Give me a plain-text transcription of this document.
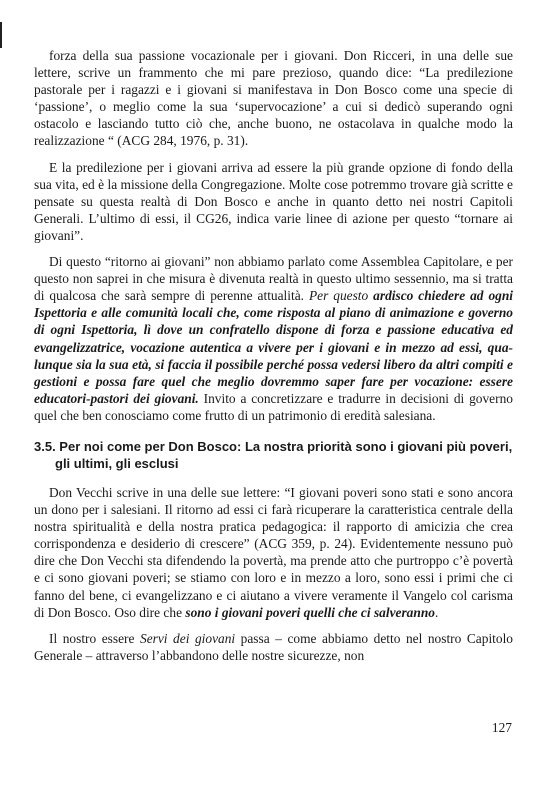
forza della sua passione vocazionale per i giovani. Don Ricceri, in una delle sue lettere, scrive un frammento che mi pare prezioso, quando dice: “La predilezione pastorale per i ragazzi e i giovani si manifestava in Don Bosco come una specie di ‘passione’, o meglio come la sua ‘supervocazione’ a cui si dedicò superando ogni ostacolo e lasciando tutto ciò che, anche buono, ne ostacolava in qualche modo la realizzazione “ (ACG 284, 1976, p. 31).

E la predilezione per i giovani arriva ad essere la più grande opzione di fondo della sua vita, ed è la missione della Congregazione. Molte cose potremmo trovare già scritte e pensate su questa realtà di Don Bosco e anche in quanto detto nei nostri Capitoli Generali. L’ultimo di essi, il CG26, indica varie linee di azione per questo “tornare ai giovani”.

Di questo “ritorno ai giovani” non abbiamo parlato come Assemblea Capitolare, e per questo non saprei in che misura è divenuta realtà in questo ultimo sessennio, ma si tratta di qualcosa che sarà sempre di perenne attualità. Per questo ardisco chiedere ad ogni Ispettoria e alle comunità locali che, come risposta al piano di animazione e governo di ogni Ispettoria, lì dove un confratello dispone di forza e passione educativa ed evangelizzatrice, vocazione autentica a vivere per i giovani e in mezzo ad essi, qualunque sia la sua età, si faccia il possibile perché possa vedersi libero da altri compiti e gestioni e possa fare quel che meglio dovremmo saper fare per vocazione: essere educatori-pastori dei giovani. Invito a concretizzare e tradurre in decisioni di governo quel che ben conosciamo come frutto di un patrimonio di eredità salesiana.

3.5. Per noi come per Don Bosco: La nostra priorità sono i giovani più poveri, gli ultimi, gli esclusi

Don Vecchi scrive in una delle sue lettere: “I giovani poveri sono stati e sono ancora un dono per i salesiani. Il ritorno ad essi ci farà ricuperare la caratteristica centrale della nostra spiritualità e della nostra pratica pedagogica: il rapporto di amicizia che crea corrispondenza e desiderio di crescere” (ACG 359, p. 24). Evidentemente nessuno può dire che Don Vecchi sta difendendo la povertà, ma prende atto che purtroppo c’è povertà e ci sono giovani poveri; se stiamo con loro e in mezzo a loro, sono essi i primi che ci fanno del bene, ci evangelizzano e ci aiutano a vivere veramente il Vangelo col carisma di Don Bosco. Oso dire che sono i giovani poveri quelli che ci salveranno.

Il nostro essere Servi dei giovani passa – come abbiamo detto nel nostro Capitolo Generale – attraverso l’abbandono delle nostre sicurezze, non

127
